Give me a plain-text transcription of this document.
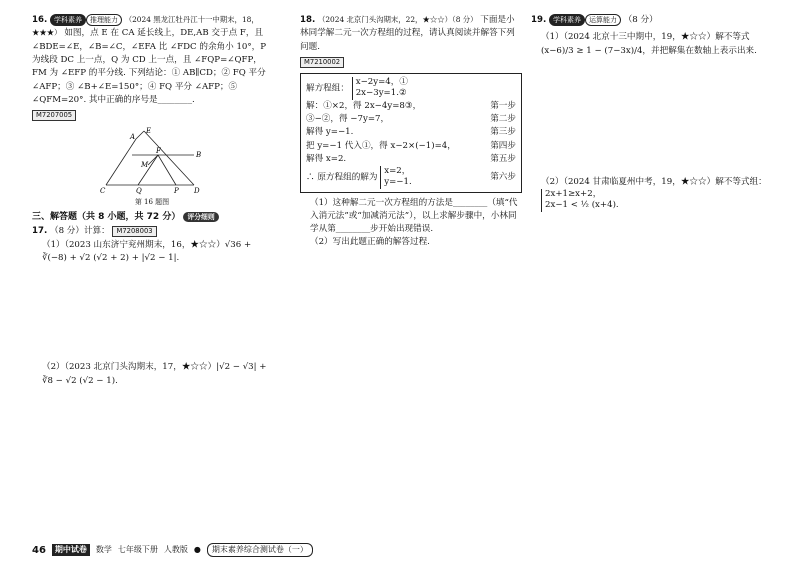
16. 学科素养 推理能力 （2024 黑龙江牡丹江十一中期末，18，★★★） 如图，点 E 在 CA 延长线上，DE,AB 交于点 F，且 ∠BDE=∠E，∠B=∠C，∠EFA 比 ∠FDC 的余角小 10°，P 为线段 DC 上一点，Q 为 CD 上一点，且 ∠FQP=∠QFP，FM 为 ∠EFP 的平分线. 下列结论：① AB∥CD；② FQ 平分 ∠AFP；③ ∠B+∠E=150°；④ FQ 平分 ∠AFP；⑤ ∠QFM=20°. 其中正确的序号是________.

M7207005
A
E
F	B
M
C	Q	P D
第 16 题图

三、解答题（共 8 小题，共 72 分） 评分细则

17. （8 分）计算： M7208003

（1）（2023 山东济宁兖州期末，16，★☆☆）√36 + ∛(−8) + √2 (√2 + 2) + |√2 − 1|.

（2）（2023 北京门头沟期末，17，★☆☆）|√2 − √3| + ∛8 − √2 (√2 − 1).

18. （2024 北京门头沟期末，22，★☆☆）（8 分） 下面是小林同学解二元一次方程组的过程，请认真阅读并解答下列问题.

M7210002

解方程组： x−2y=4，①
2x−3y=1.②

解：①×2，得 2x−4y=8③，	第一步
③−②，得 −7y=7，	第二步
解得 y=−1.	第三步
把 y=−1 代入①，得 x−2×(−1)=4，	第四步
解得 x=2.	第五步
∴ 原方程组的解为 x=2，
y=−1.
第六步

（1）这种解二元一次方程组的方法是________（填“代入消元法”或“加减消元法”），以上求解步骤中，小林同学从第________步开始出现错误.

（2）写出此题正确的解答过程.

19. 学科素养 运算能力 （8 分）

（1）（2024 北京十三中期中，19，★☆☆）解不等式 (x−6)/3 ≥ 1 − (7−3x)/4，并把解集在数轴上表示出来.

（2）（2024 甘肃临夏州中考，19，★☆☆）解不等式组： 2x+1≥x+2，
2x−1 < ½ (x+4).

46	期中试卷	数学 七年级下册 人教版 ●	期末素养综合测试卷（一）
